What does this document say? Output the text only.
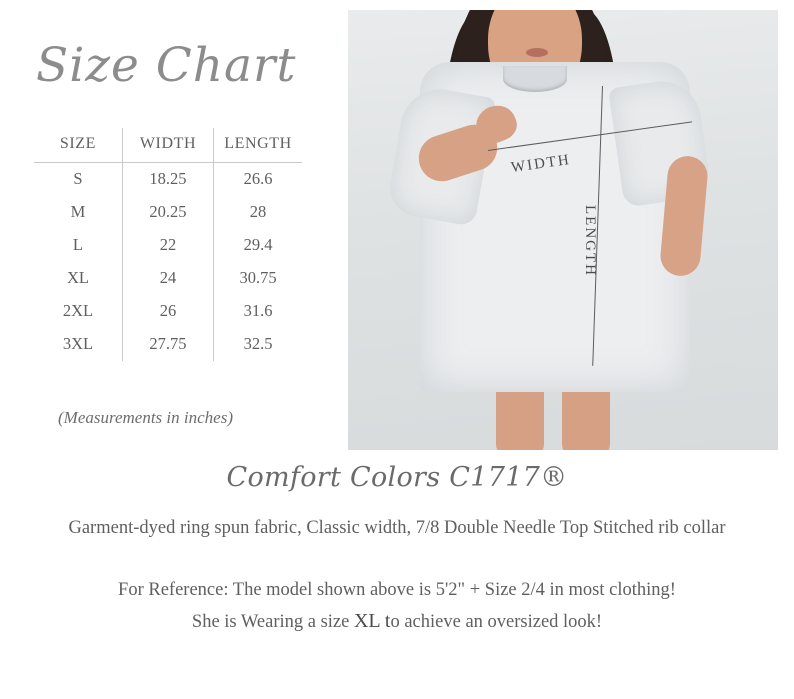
Size Chart
SIZE	WIDTH	LENGTH
S	18.25	26.6
M	20.25	28
L	22	29.4
XL	24	30.75
2XL	26	31.6
3XL	27.75	32.5
(Measurements in inches)
WIDTH
LENGTH
Comfort Colors C1717®
Garment-dyed ring spun fabric, Classic width, 7/8 Double Needle Top Stitched rib collar
For Reference: The model shown above is 5'2" + Size 2/4 in most clothing!
She is Wearing a size XL to achieve an oversized look!
